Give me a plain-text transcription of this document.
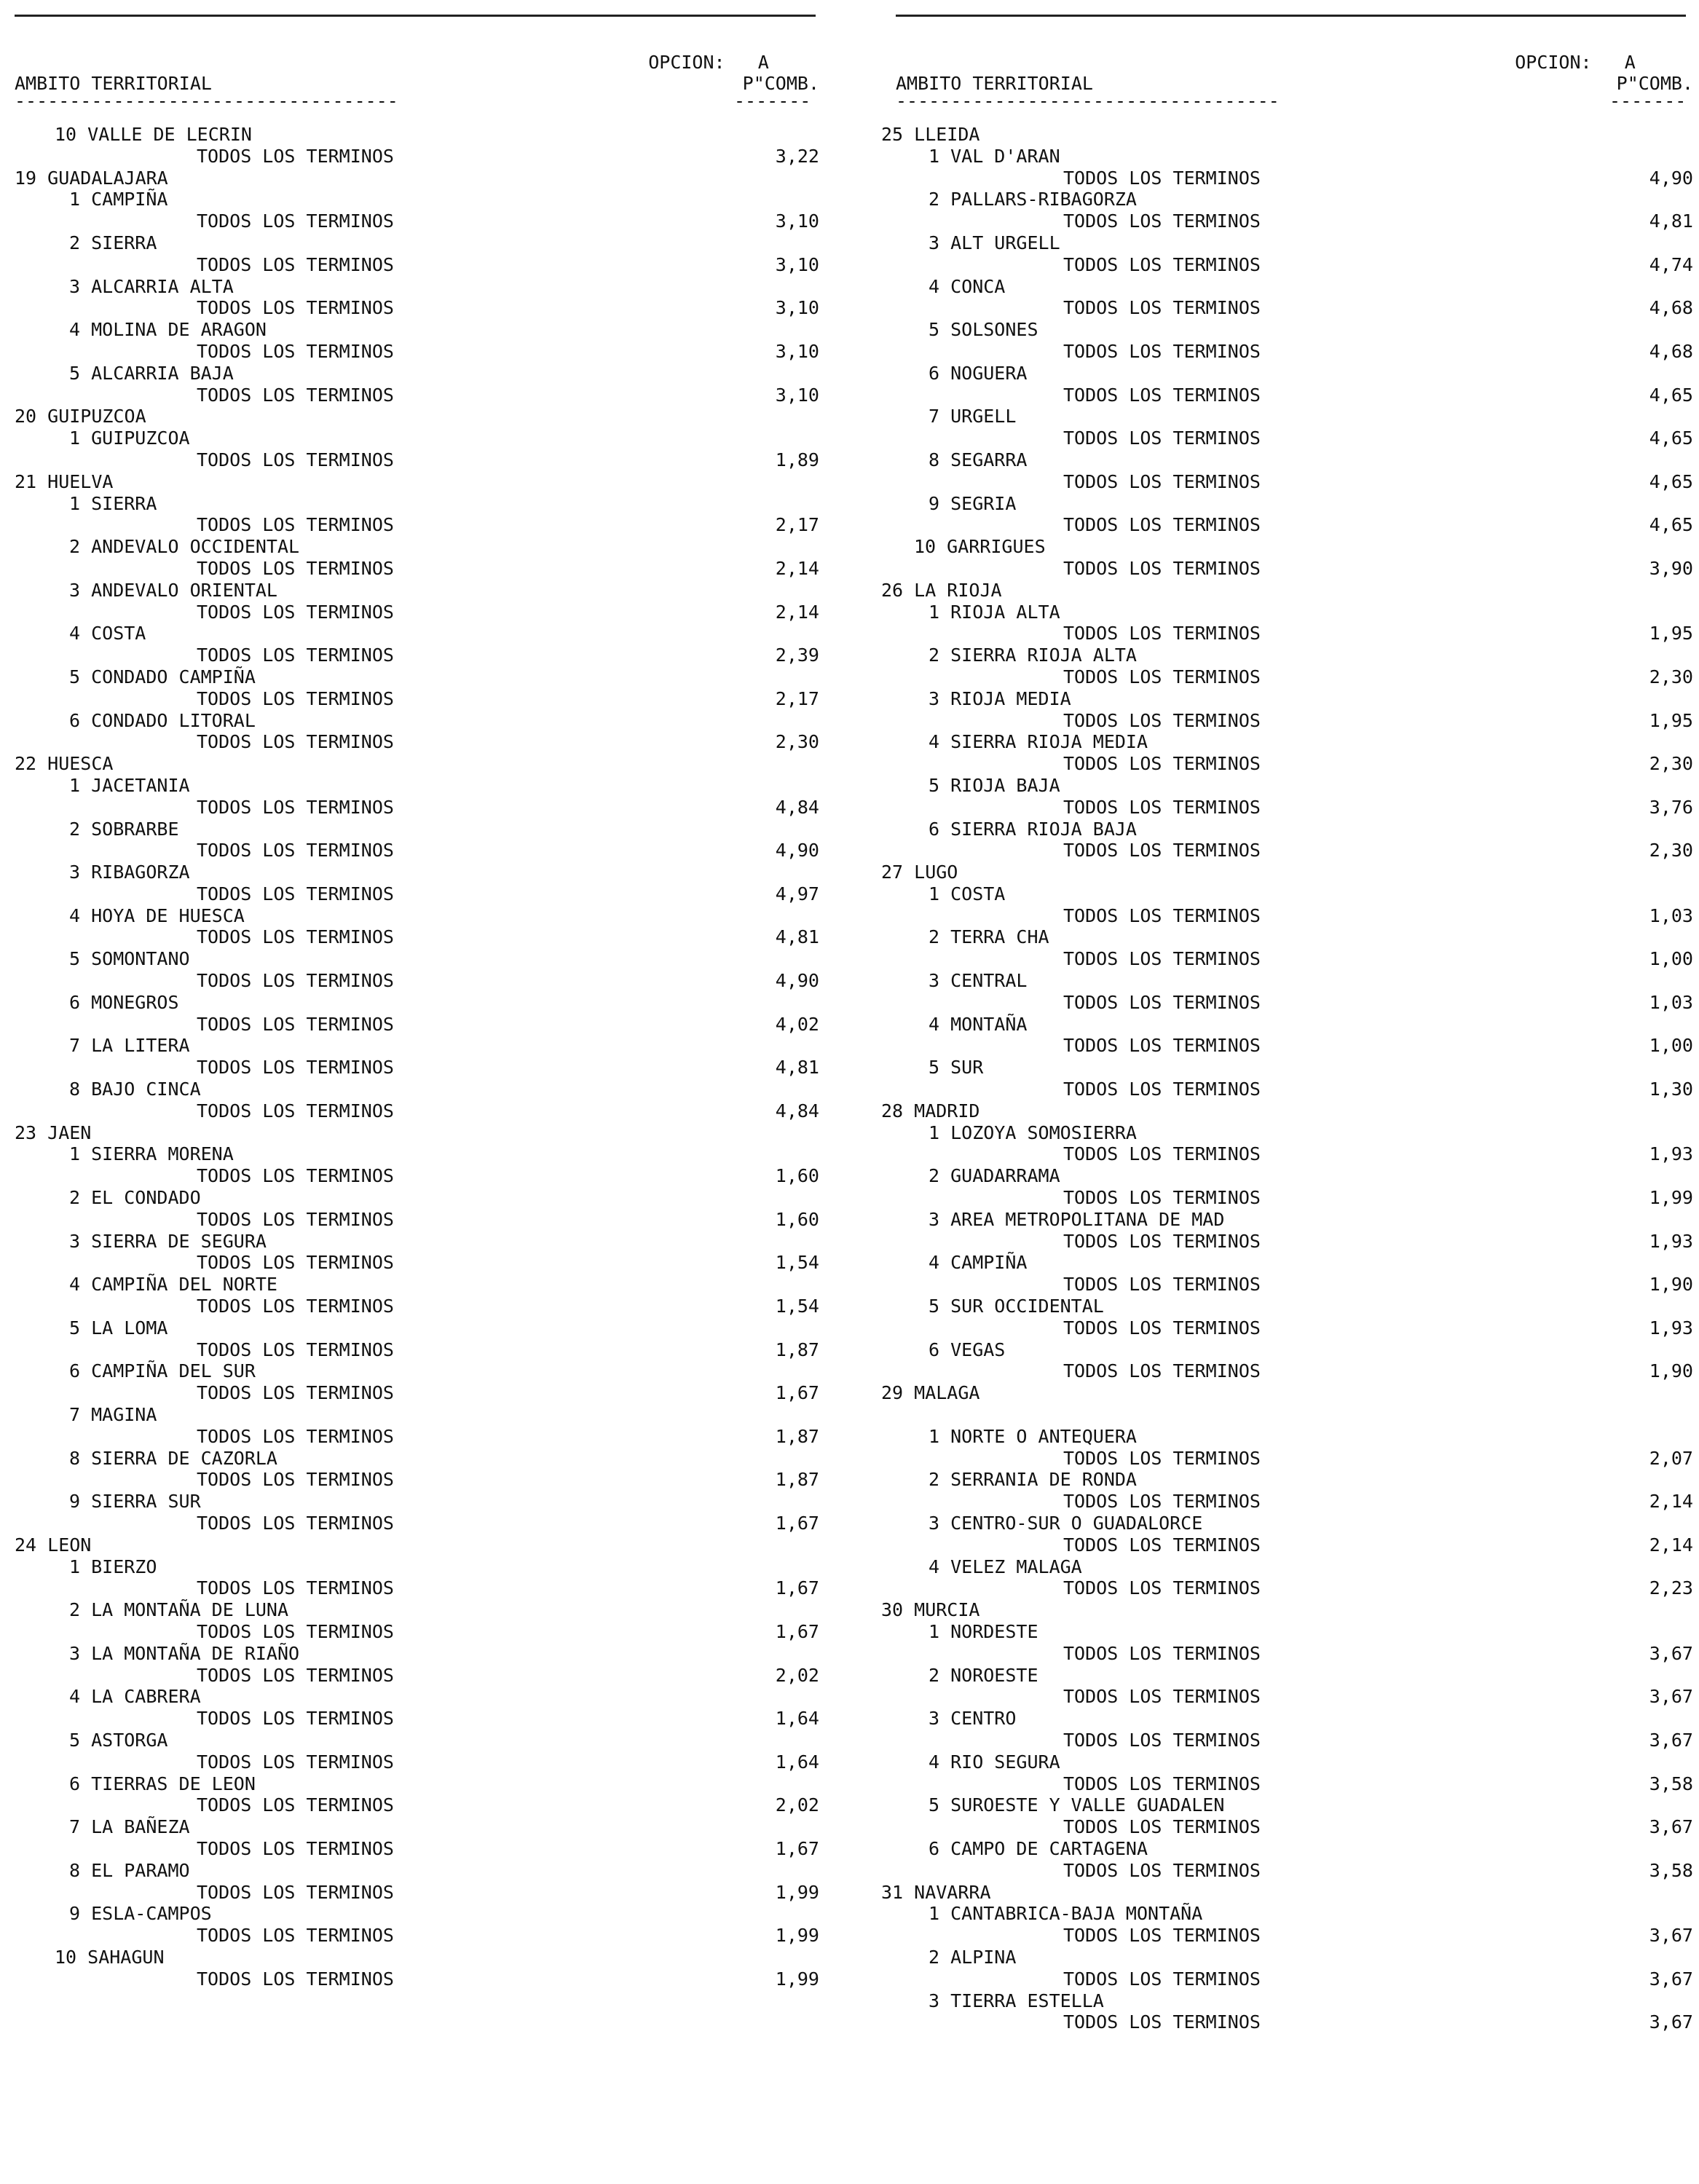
OPCION: A

AMBITO TERRITORIAL	P"COMB.
-----------------------------------	-------
10 VALLE DE LECRIN
TODOS LOS TERMINOS	3,22
19 GUADALAJARA
1 CAMPIÑA
TODOS LOS TERMINOS	3,10
2 SIERRA
TODOS LOS TERMINOS	3,10
3 ALCARRIA ALTA
TODOS LOS TERMINOS	3,10
4 MOLINA DE ARAGON
TODOS LOS TERMINOS	3,10
5 ALCARRIA BAJA
TODOS LOS TERMINOS	3,10
20 GUIPUZCOA
1 GUIPUZCOA
TODOS LOS TERMINOS	1,89
21 HUELVA
1 SIERRA
TODOS LOS TERMINOS	2,17
2 ANDEVALO OCCIDENTAL
TODOS LOS TERMINOS	2,14
3 ANDEVALO ORIENTAL
TODOS LOS TERMINOS	2,14
4 COSTA
TODOS LOS TERMINOS	2,39
5 CONDADO CAMPIÑA
TODOS LOS TERMINOS	2,17
6 CONDADO LITORAL
TODOS LOS TERMINOS	2,30
22 HUESCA
1 JACETANIA
TODOS LOS TERMINOS	4,84
2 SOBRARBE
TODOS LOS TERMINOS	4,90
3 RIBAGORZA
TODOS LOS TERMINOS	4,97
4 HOYA DE HUESCA
TODOS LOS TERMINOS	4,81
5 SOMONTANO
TODOS LOS TERMINOS	4,90
6 MONEGROS
TODOS LOS TERMINOS	4,02
7 LA LITERA
TODOS LOS TERMINOS	4,81
8 BAJO CINCA
TODOS LOS TERMINOS	4,84
23 JAEN
1 SIERRA MORENA
TODOS LOS TERMINOS	1,60
2 EL CONDADO
TODOS LOS TERMINOS	1,60
3 SIERRA DE SEGURA
TODOS LOS TERMINOS	1,54
4 CAMPIÑA DEL NORTE
TODOS LOS TERMINOS	1,54
5 LA LOMA
TODOS LOS TERMINOS	1,87
6 CAMPIÑA DEL SUR
TODOS LOS TERMINOS	1,67
7 MAGINA
TODOS LOS TERMINOS	1,87
8 SIERRA DE CAZORLA
TODOS LOS TERMINOS	1,87
9 SIERRA SUR
TODOS LOS TERMINOS	1,67
24 LEON
1 BIERZO
TODOS LOS TERMINOS	1,67
2 LA MONTAÑA DE LUNA
TODOS LOS TERMINOS	1,67
3 LA MONTAÑA DE RIAÑO
TODOS LOS TERMINOS	2,02
4 LA CABRERA
TODOS LOS TERMINOS	1,64
5 ASTORGA
TODOS LOS TERMINOS	1,64
6 TIERRAS DE LEON
TODOS LOS TERMINOS	2,02
7 LA BAÑEZA
TODOS LOS TERMINOS	1,67
8 EL PARAMO
TODOS LOS TERMINOS	1,99
9 ESLA-CAMPOS
TODOS LOS TERMINOS	1,99
10 SAHAGUN
TODOS LOS TERMINOS	1,99

OPCION: A

AMBITO TERRITORIAL	P"COMB.
-----------------------------------	-------
25 LLEIDA
1 VAL D'ARAN
TODOS LOS TERMINOS	4,90
2 PALLARS-RIBAGORZA
TODOS LOS TERMINOS	4,81
3 ALT URGELL
TODOS LOS TERMINOS	4,74
4 CONCA
TODOS LOS TERMINOS	4,68
5 SOLSONES
TODOS LOS TERMINOS	4,68
6 NOGUERA
TODOS LOS TERMINOS	4,65
7 URGELL
TODOS LOS TERMINOS	4,65
8 SEGARRA
TODOS LOS TERMINOS	4,65
9 SEGRIA
TODOS LOS TERMINOS	4,65
10 GARRIGUES
TODOS LOS TERMINOS	3,90
26 LA RIOJA
1 RIOJA ALTA
TODOS LOS TERMINOS	1,95
2 SIERRA RIOJA ALTA
TODOS LOS TERMINOS	2,30
3 RIOJA MEDIA
TODOS LOS TERMINOS	1,95
4 SIERRA RIOJA MEDIA
TODOS LOS TERMINOS	2,30
5 RIOJA BAJA
TODOS LOS TERMINOS	3,76
6 SIERRA RIOJA BAJA
TODOS LOS TERMINOS	2,30
27 LUGO
1 COSTA
TODOS LOS TERMINOS	1,03
2 TERRA CHA
TODOS LOS TERMINOS	1,00
3 CENTRAL
TODOS LOS TERMINOS	1,03
4 MONTAÑA
TODOS LOS TERMINOS	1,00
5 SUR
TODOS LOS TERMINOS	1,30
28 MADRID
1 LOZOYA SOMOSIERRA
TODOS LOS TERMINOS	1,93
2 GUADARRAMA
TODOS LOS TERMINOS	1,99
3 AREA METROPOLITANA DE MAD
TODOS LOS TERMINOS	1,93
4 CAMPIÑA
TODOS LOS TERMINOS	1,90
5 SUR OCCIDENTAL
TODOS LOS TERMINOS	1,93
6 VEGAS
TODOS LOS TERMINOS	1,90
29 MALAGA
1 NORTE O ANTEQUERA
TODOS LOS TERMINOS	2,07
2 SERRANIA DE RONDA
TODOS LOS TERMINOS	2,14
3 CENTRO-SUR O GUADALORCE
TODOS LOS TERMINOS	2,14
4 VELEZ MALAGA
TODOS LOS TERMINOS	2,23
30 MURCIA
1 NORDESTE
TODOS LOS TERMINOS	3,67
2 NOROESTE
TODOS LOS TERMINOS	3,67
3 CENTRO
TODOS LOS TERMINOS	3,67
4 RIO SEGURA
TODOS LOS TERMINOS	3,58
5 SUROESTE Y VALLE GUADALEN
TODOS LOS TERMINOS	3,67
6 CAMPO DE CARTAGENA
TODOS LOS TERMINOS	3,58
31 NAVARRA
1 CANTABRICA-BAJA MONTAÑA
TODOS LOS TERMINOS	3,67
2 ALPINA
TODOS LOS TERMINOS	3,67
3 TIERRA ESTELLA
TODOS LOS TERMINOS	3,67
